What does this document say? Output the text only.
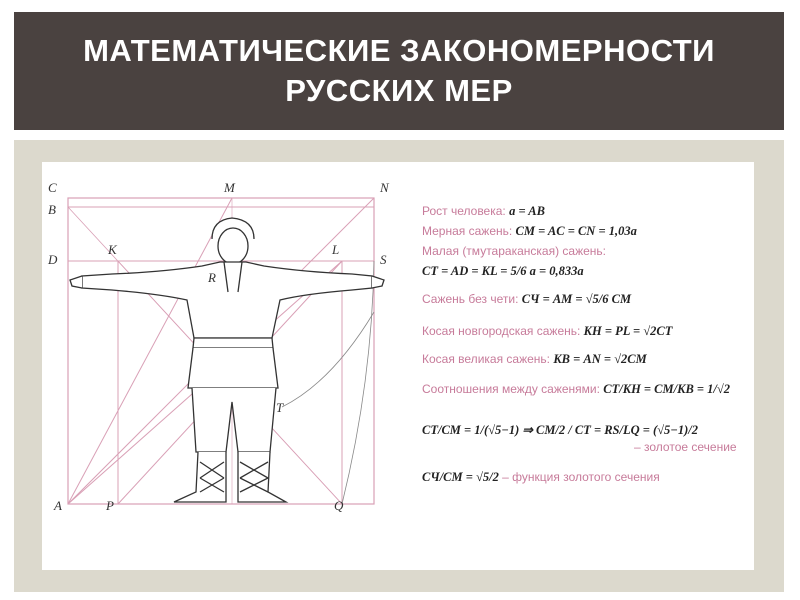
МАТЕМАТИЧЕСКИЕ ЗАКОНОМЕРНОСТИ
РУССКИХ МЕР
C	M	N
B
D
K	L
S
R
T
A	P	Q
Рост человека: a = AB
Мерная сажень: CM = AC = CN = 1,03a
Малая (тмутараканская) сажень:
CT = AD = KL = 5/6 a = 0,833a
Сажень без чети: CЧ = AM = √5/6 CM
Косая новгородская сажень: KН = PL = √2CT
Косая великая сажень: KВ = AN = √2CM
Соотношения между саженями: CT/KН = CM/KВ = 1/√2
CT/CM = 1/(√5−1) ⇒ CM/2 / CT = RS/LQ = (√5−1)/2
– золотое сечение
CЧ/CM = √5/2 – функция золотого сечения
